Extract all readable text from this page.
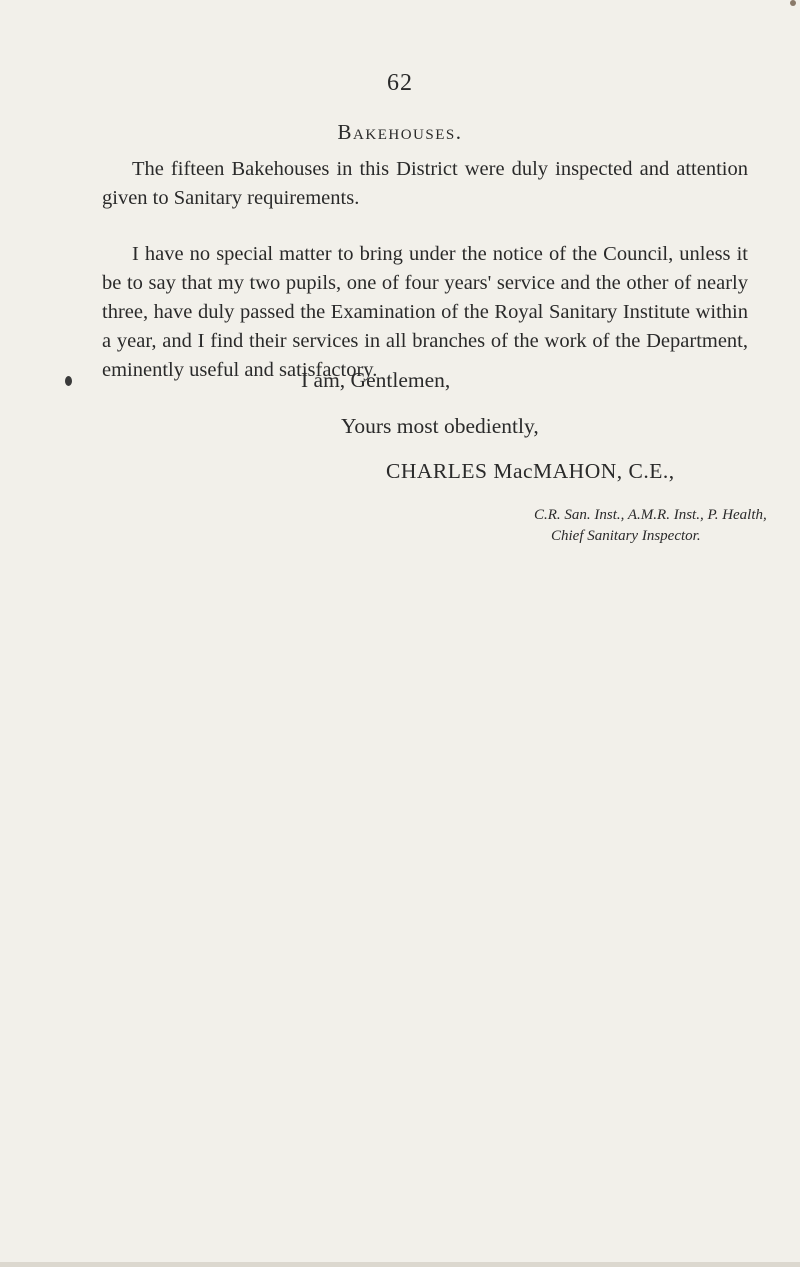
62
Bakehouses.

The fifteen Bakehouses in this District were duly inspected and attention given to Sanitary requirements.

I have no special matter to bring under the notice of the Council, unless it be to say that my two pupils, one of four years' service and the other of nearly three, have duly passed the Examination of the Royal Sanitary Institute within a year, and I find their services in all branches of the work of the Department, eminently useful and satisfactory.

I am, Gentlemen,
Yours most obediently,
CHARLES MacMAHON, C.E.,
C.R. San. Inst., A.M.R. Inst., P. Health,
Chief Sanitary Inspector.
